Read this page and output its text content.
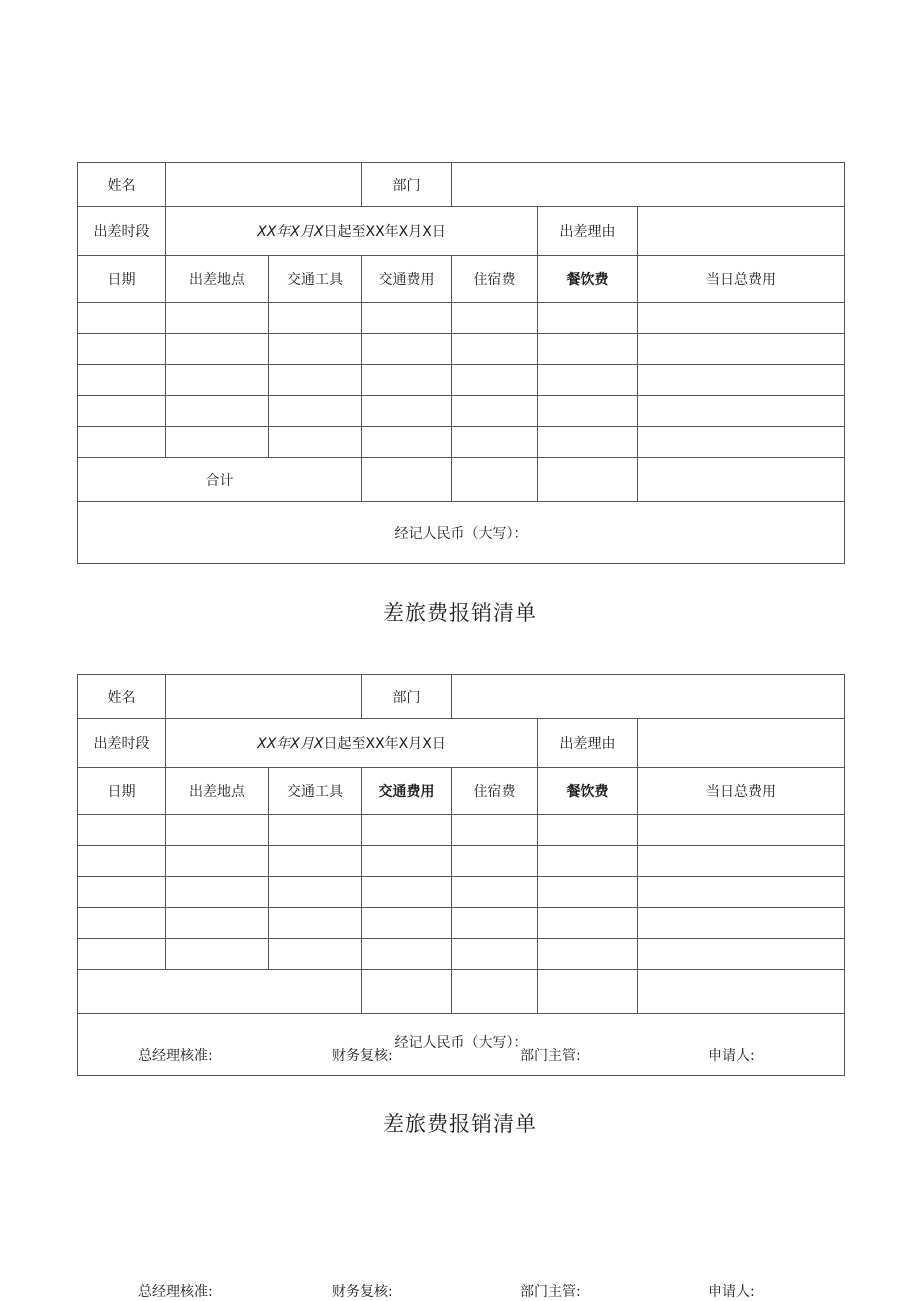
姓名			部门			
出差时段	XX年X月X日起至XX年X月X日				出差理由	
日期	出差地点	交通工具	交通费用	住宿费	餐饮费	当日总费用

合计						
经记人民币（大写）：						
差旅费报销清单
姓名			部门			
出差时段	XX年X月X日起至XX年X月X日				出差理由	
日期	出差地点	交通工具	交通费用	住宿费	餐饮费	当日总费用

经记人民币（大写）：						
总经理核准:	财务复核:	部门主管:	申请人:
差旅费报销清单
总经理核准:	财务复核:	部门主管:	申请人:
